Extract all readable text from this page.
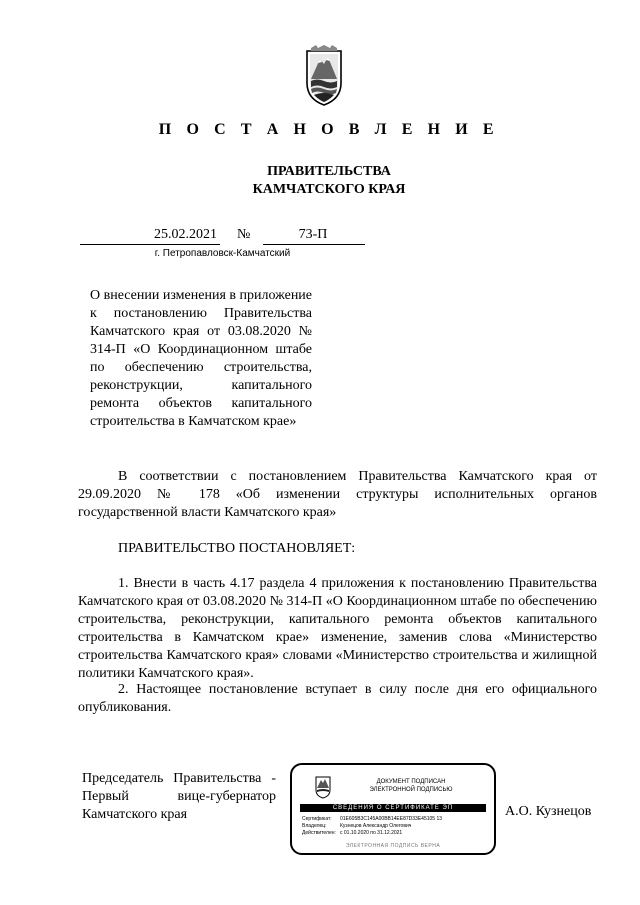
П О С Т А Н О В Л Е Н И Е
ПРАВИТЕЛЬСТВА
КАМЧАТСКОГО КРАЯ
25.02.2021 №	73-П
г. Петропавловск-Камчатский
О внесении изменения в приложение к постановлению Правительства Камчатского края от 03.08.2020 № 314-П «О Координационном штабе по обеспечению строительства, реконструкции, капитального ремонта объектов капитального строительства в Камчатском крае»
В соответствии с постановлением Правительства Камчатского края от 29.09.2020 № 178 «Об изменении структуры исполнительных органов государственной власти Камчатского края»
ПРАВИТЕЛЬСТВО ПОСТАНОВЛЯЕТ:
1. Внести в часть 4.17 раздела 4 приложения к постановлению Правительства Камчатского края от 03.08.2020 № 314-П «О Координационном штабе по обеспечению строительства, реконструкции, капитального ремонта объектов капитального строительства в Камчатском крае» изменение, заменив слова «Министерство строительства Камчатского края» словами «Министерство строительства и жилищной политики Камчатского края».
2. Настоящее постановление вступает в силу после дня его официального опубликования.
Председатель Правительства - Первый вице-губернатор Камчатского края
ДОКУМЕНТ ПОДПИСАН
ЭЛЕКТРОННОЙ ПОДПИСЬЮ
СВЕДЕНИЯ О СЕРТИФИКАТЕ ЭП
Сертификат: 01E605B3C145A00BB14EE87D33E45105 13
Владелец:	Кузнецов Александр Олегович
Действителен: с 01.10.2020 по 31.12.2021
ЭЛЕКТРОННАЯ ПОДПИСЬ ВЕРНА
А.О. Кузнецов
